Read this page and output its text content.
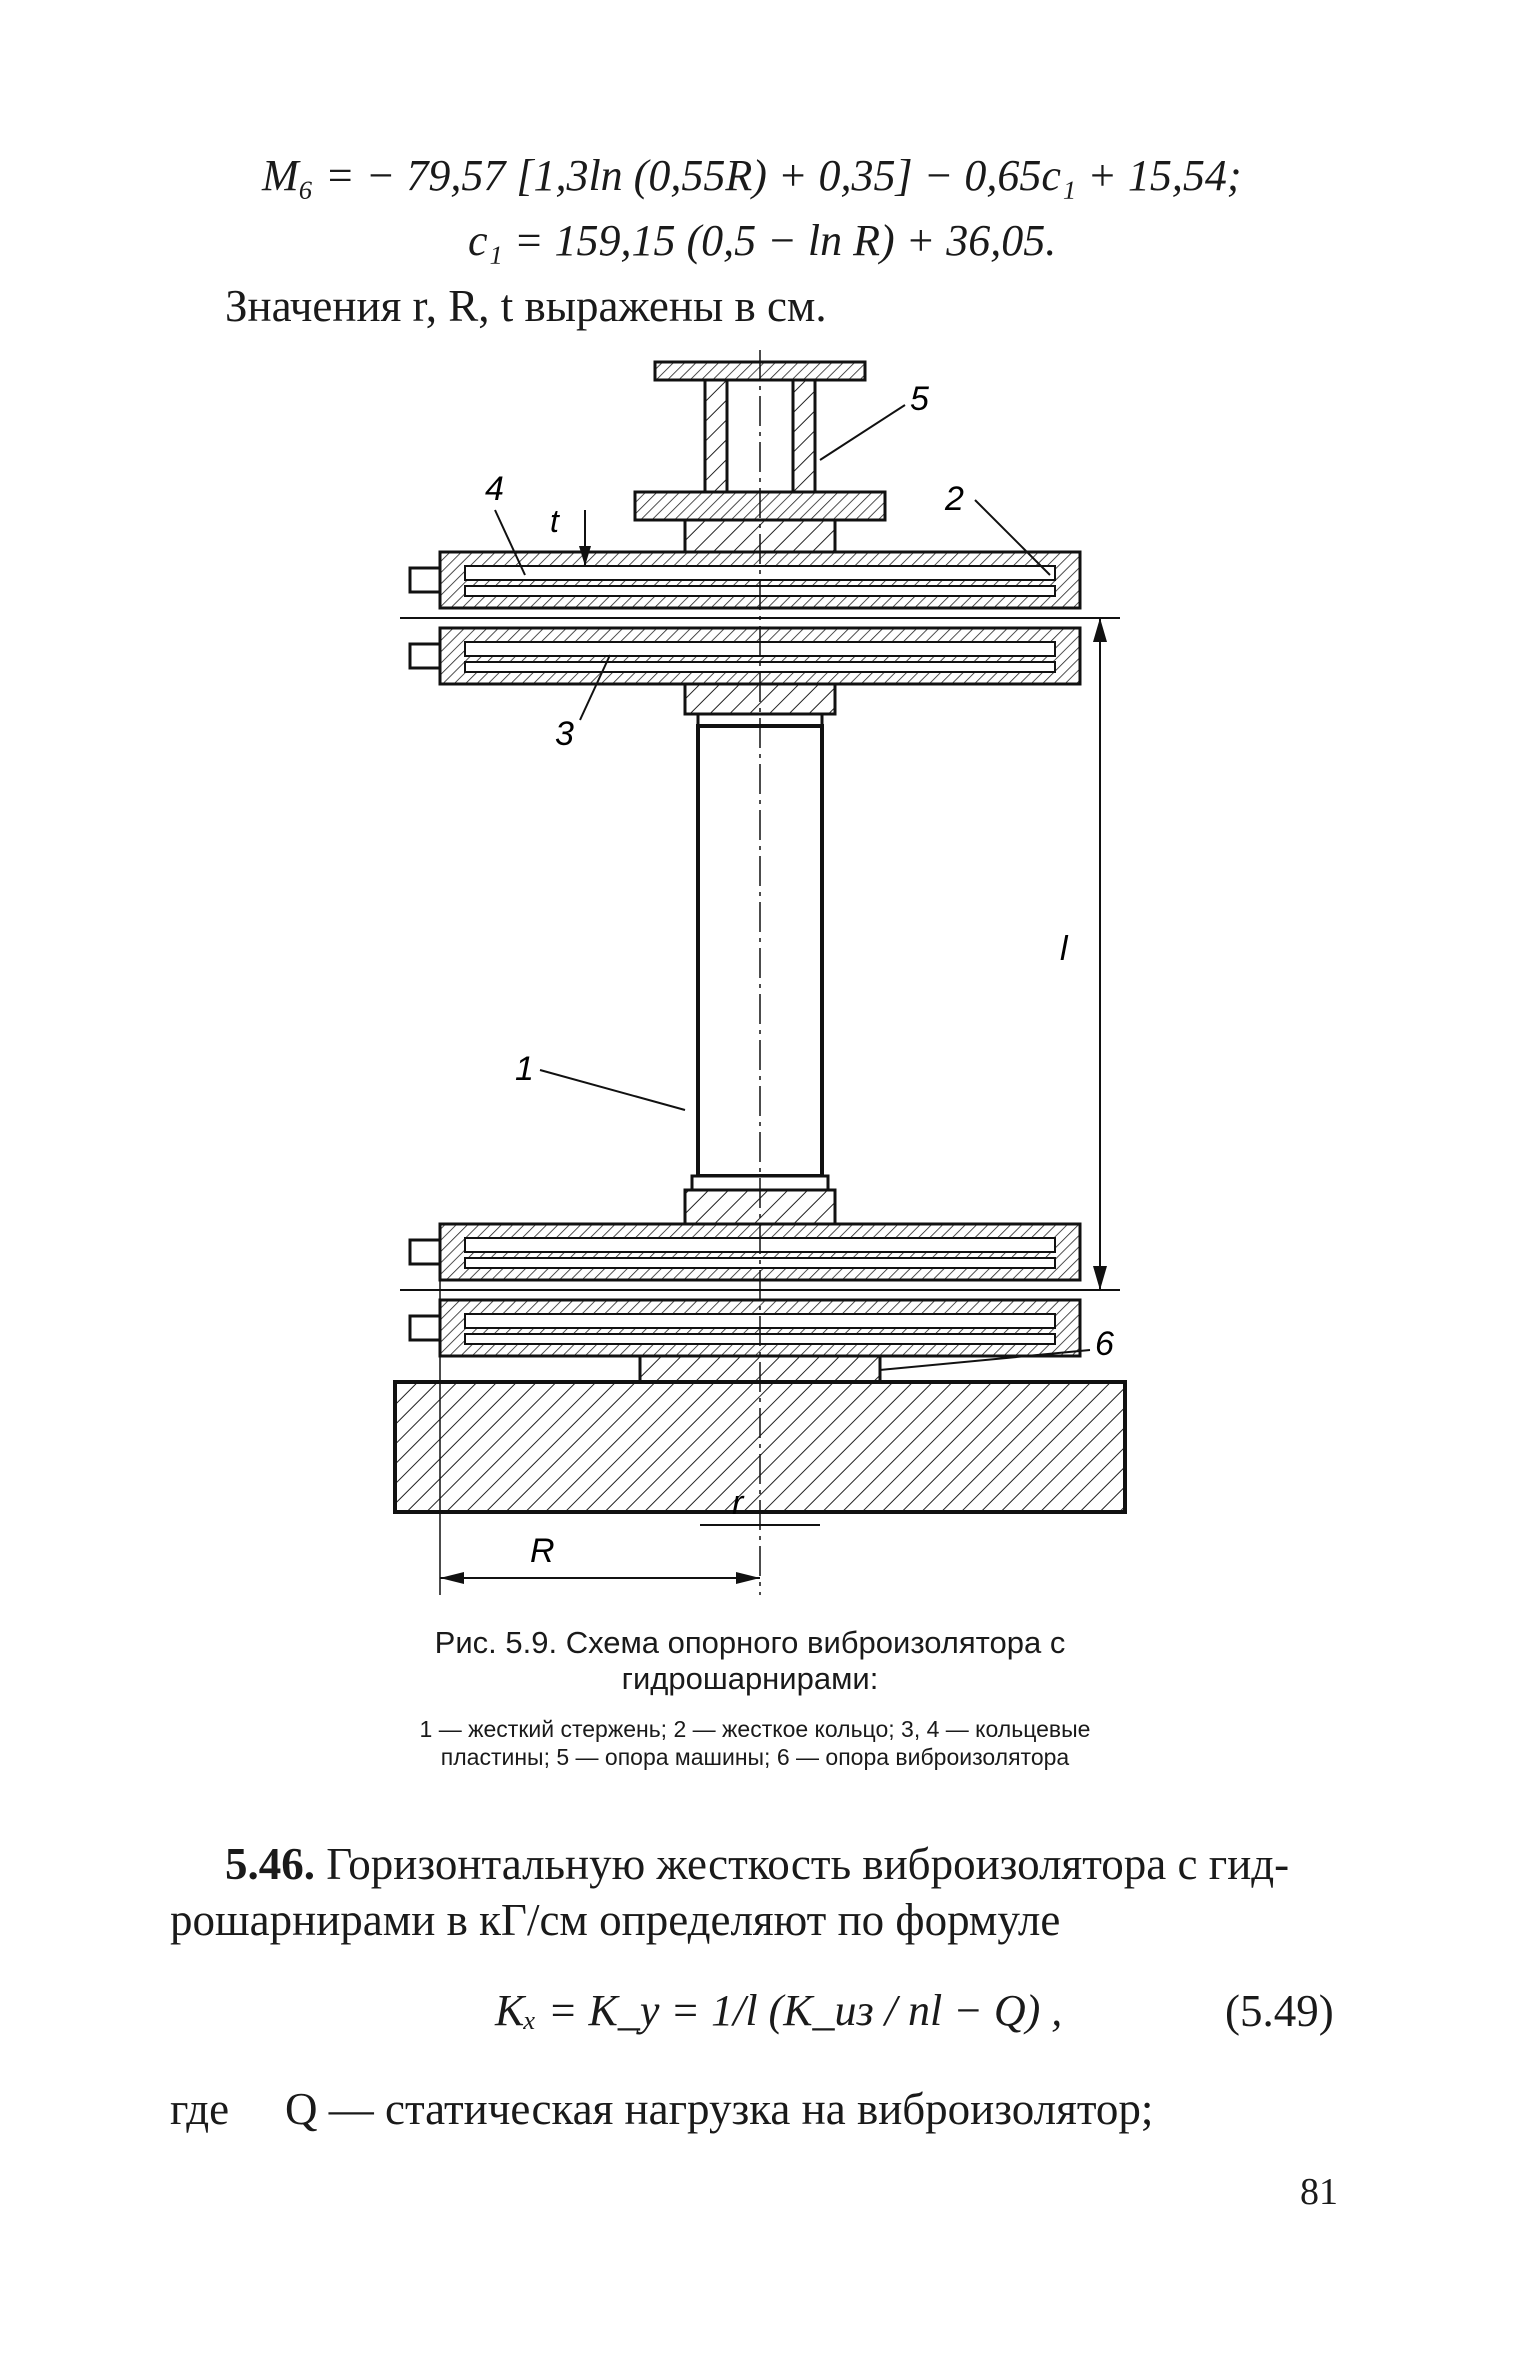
M₆ = − 79,57 [1,3ln (0,55R) + 0,35] − 0,65c₁ + 15,54;
c₁ = 159,15 (0,5 − ln R) + 36,05.
Значения r, R, t выражены в см.
l
t
r
R
5
4	2
3
1
6
Рис. 5.9. Схема опорного виброизолятора с гидрошарнирами:
1 — жесткий стержень; 2 — жесткое кольцо; 3, 4 — кольцевые пластины; 5 — опора машины; 6 — опора виброизолятора
5.46. Горизонтальную жесткость виброизолятора с гид-
рошарнирами в кГ/см определяют по формуле
Kₓ = K_y = 1/l (K_из / nl − Q) ,	(5.49)
где Q — статическая нагрузка на виброизолятор;
81
